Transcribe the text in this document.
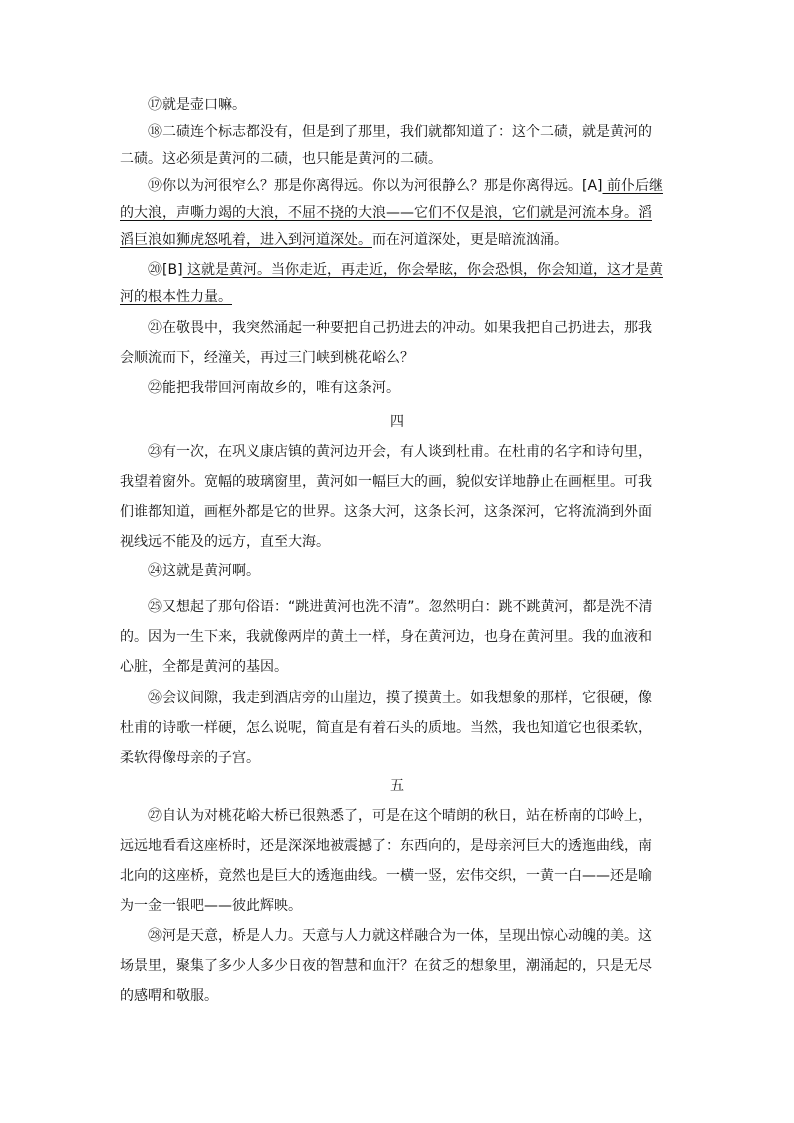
⑰就是壶口嘛。

⑱二碛连个标志都没有，但是到了那里，我们就都知道了：这个二碛，就是黄河的二碛。这必须是黄河的二碛，也只能是黄河的二碛。

⑲你以为河很窄么？那是你离得远。你以为河很静么？那是你离得远。[A] 前仆后继的大浪，声嘶力竭的大浪，不屈不挠的大浪——它们不仅是浪，它们就是河流本身。滔滔巨浪如狮虎怒吼着，进入到河道深处。而在河道深处，更是暗流汹涌。

⑳[B] 这就是黄河。当你走近，再走近，你会晕眩，你会恐惧，你会知道，这才是黄河的根本性力量。

㉑在敬畏中，我突然涌起一种要把自己扔进去的冲动。如果我把自己扔进去，那我会顺流而下，经潼关，再过三门峡到桃花峪么？

㉒能把我带回河南故乡的，唯有这条河。

四

㉓有一次，在巩义康店镇的黄河边开会，有人谈到杜甫。在杜甫的名字和诗句里，我望着窗外。宽幅的玻璃窗里，黄河如一幅巨大的画，貌似安详地静止在画框里。可我们谁都知道，画框外都是它的世界。这条大河，这条长河，这条深河，它将流淌到外面视线远不能及的远方，直至大海。

㉔这就是黄河啊。

㉕又想起了那句俗语：“跳进黄河也洗不清”。忽然明白：跳不跳黄河，都是洗不清的。因为一生下来，我就像两岸的黄土一样，身在黄河边，也身在黄河里。我的血液和心脏，全都是黄河的基因。

㉖会议间隙，我走到酒店旁的山崖边，摸了摸黄土。如我想象的那样，它很硬，像杜甫的诗歌一样硬，怎么说呢，简直是有着石头的质地。当然，我也知道它也很柔软，柔软得像母亲的子宫。

五

㉗自认为对桃花峪大桥已很熟悉了，可是在这个晴朗的秋日，站在桥南的邙岭上，远远地看看这座桥时，还是深深地被震撼了：东西向的，是母亲河巨大的透迤曲线，南北向的这座桥，竟然也是巨大的透迤曲线。一横一竖，宏伟交织，一黄一白——还是喻为一金一银吧——彼此辉映。

㉘河是天意，桥是人力。天意与人力就这样融合为一体，呈现出惊心动魄的美。这场景里，聚集了多少人多少日夜的智慧和血汗？在贫乏的想象里，潮涌起的，只是无尽的感喟和敬服。
